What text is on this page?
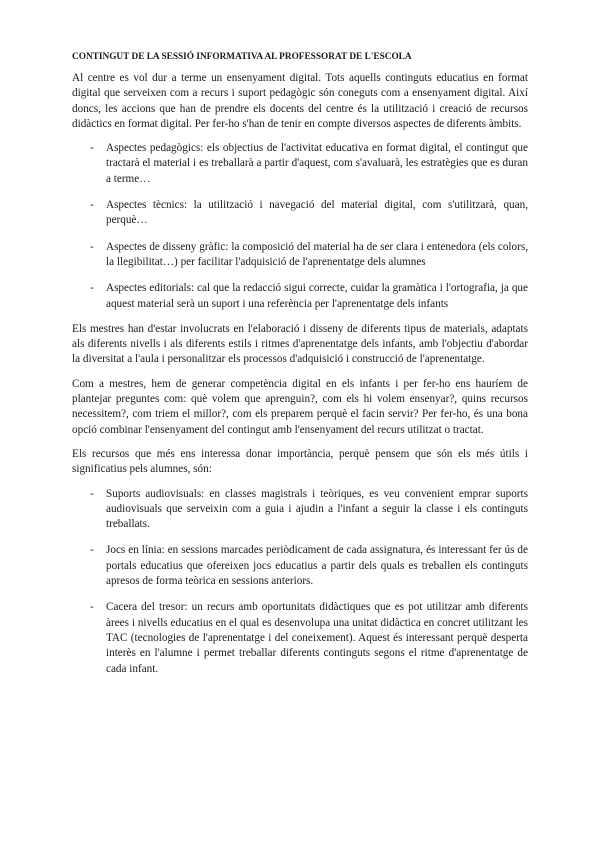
CONTINGUT DE LA SESSIÓ INFORMATIVA AL PROFESSORAT DE L'ESCOLA

Al centre es vol dur a terme un ensenyament digital. Tots aquells continguts educatius en format digital que serveixen com a recurs i suport pedagògic són coneguts com a ensenyament digital. Així doncs, les accions que han de prendre els docents del centre és la utilització i creació de recursos didàctics en format digital. Per fer-ho s'han de tenir en compte diversos aspectes de diferents àmbits.

- Aspectes pedagògics: els objectius de l'activitat educativa en format digital, el contingut que tractarà el material i es treballarà a partir d'aquest, com s'avaluarà, les estratègies que es duran a terme…
- Aspectes tècnics: la utilització i navegació del material digital, com s'utilitzarà, quan, perquè…
- Aspectes de disseny gràfic: la composició del material ha de ser clara i entenedora (els colors, la llegibilitat…) per facilitar l'adquisició de l'aprenentatge dels alumnes
- Aspectes editorials: cal que la redacció sigui correcte, cuidar la gramàtica i l'ortografia, ja que aquest material serà un suport i una referència per l'aprenentatge dels infants

Els mestres han d'estar involucrats en l'elaboració i disseny de diferents tipus de materials, adaptats als diferents nivells i als diferents estils i ritmes d'aprenentatge dels infants, amb l'objectiu d'abordar la diversitat a l'aula i personalitzar els processos d'adquisició i construcció de l'aprenentatge.

Com a mestres, hem de generar competència digital en els infants i per fer-ho ens hauríem de plantejar preguntes com: què volem que aprenguin?, com els hi volem ensenyar?, quins recursos necessitem?, com triem el millor?, com els preparem perquè el facin servir? Per fer-ho, és una bona opció combinar l'ensenyament del contingut amb l'ensenyament del recurs utilitzat o tractat.

Els recursos que més ens interessa donar importància, perquè pensem que són els més útils i significatius pels alumnes, són:

- Suports audiovisuals: en classes magistrals i teòriques, es veu convenient emprar suports audiovisuals que serveixin com a guia i ajudin a l'infant a seguir la classe i els continguts treballats.
- Jocs en línia: en sessions marcades periòdicament de cada assignatura, és interessant fer ús de portals educatius que ofereixen jocs educatius a partir dels quals es treballen els continguts apresos de forma teòrica en sessions anteriors.
- Cacera del tresor: un recurs amb oportunitats didàctiques que es pot utilitzar amb diferents àrees i nivells educatius en el qual es desenvolupa una unitat didàctica en concret utilitzant les TAC (tecnologies de l'aprenentatge i del coneixement). Aquest és interessant perquè desperta interès en l'alumne i permet treballar diferents continguts segons el ritme d'aprenentatge de cada infant.
